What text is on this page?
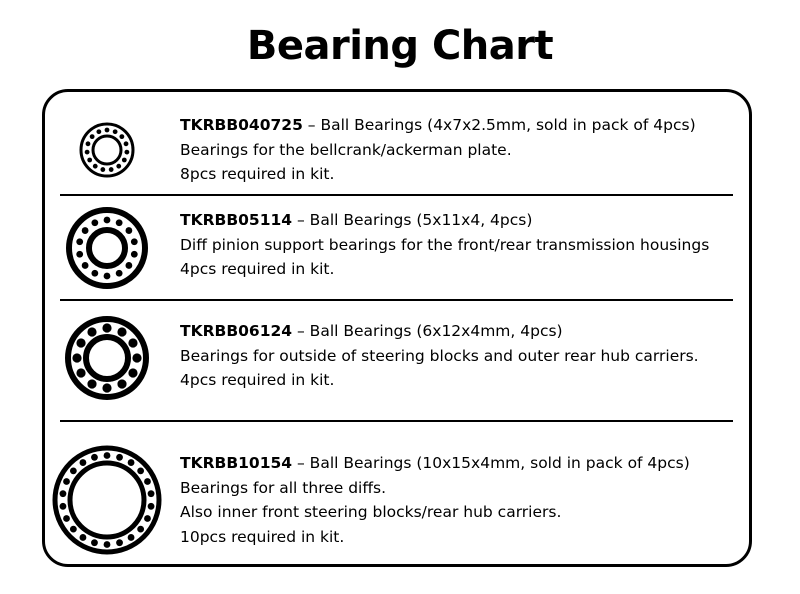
Bearing Chart
TKRBB040725 – Ball Bearings (4x7x2.5mm, sold in pack of 4pcs)
Bearings for the bellcrank/ackerman plate.
8pcs required in kit.
TKRBB05114 – Ball Bearings (5x11x4, 4pcs)
Diff pinion support bearings for the front/rear transmission housings
4pcs required in kit.
TKRBB06124 – Ball Bearings (6x12x4mm, 4pcs)
Bearings for outside of steering blocks and outer rear hub carriers.
4pcs required in kit.
TKRBB10154 – Ball Bearings (10x15x4mm, sold in pack of 4pcs)
Bearings for all three diffs.
Also inner front steering blocks/rear hub carriers.
10pcs required in kit.
